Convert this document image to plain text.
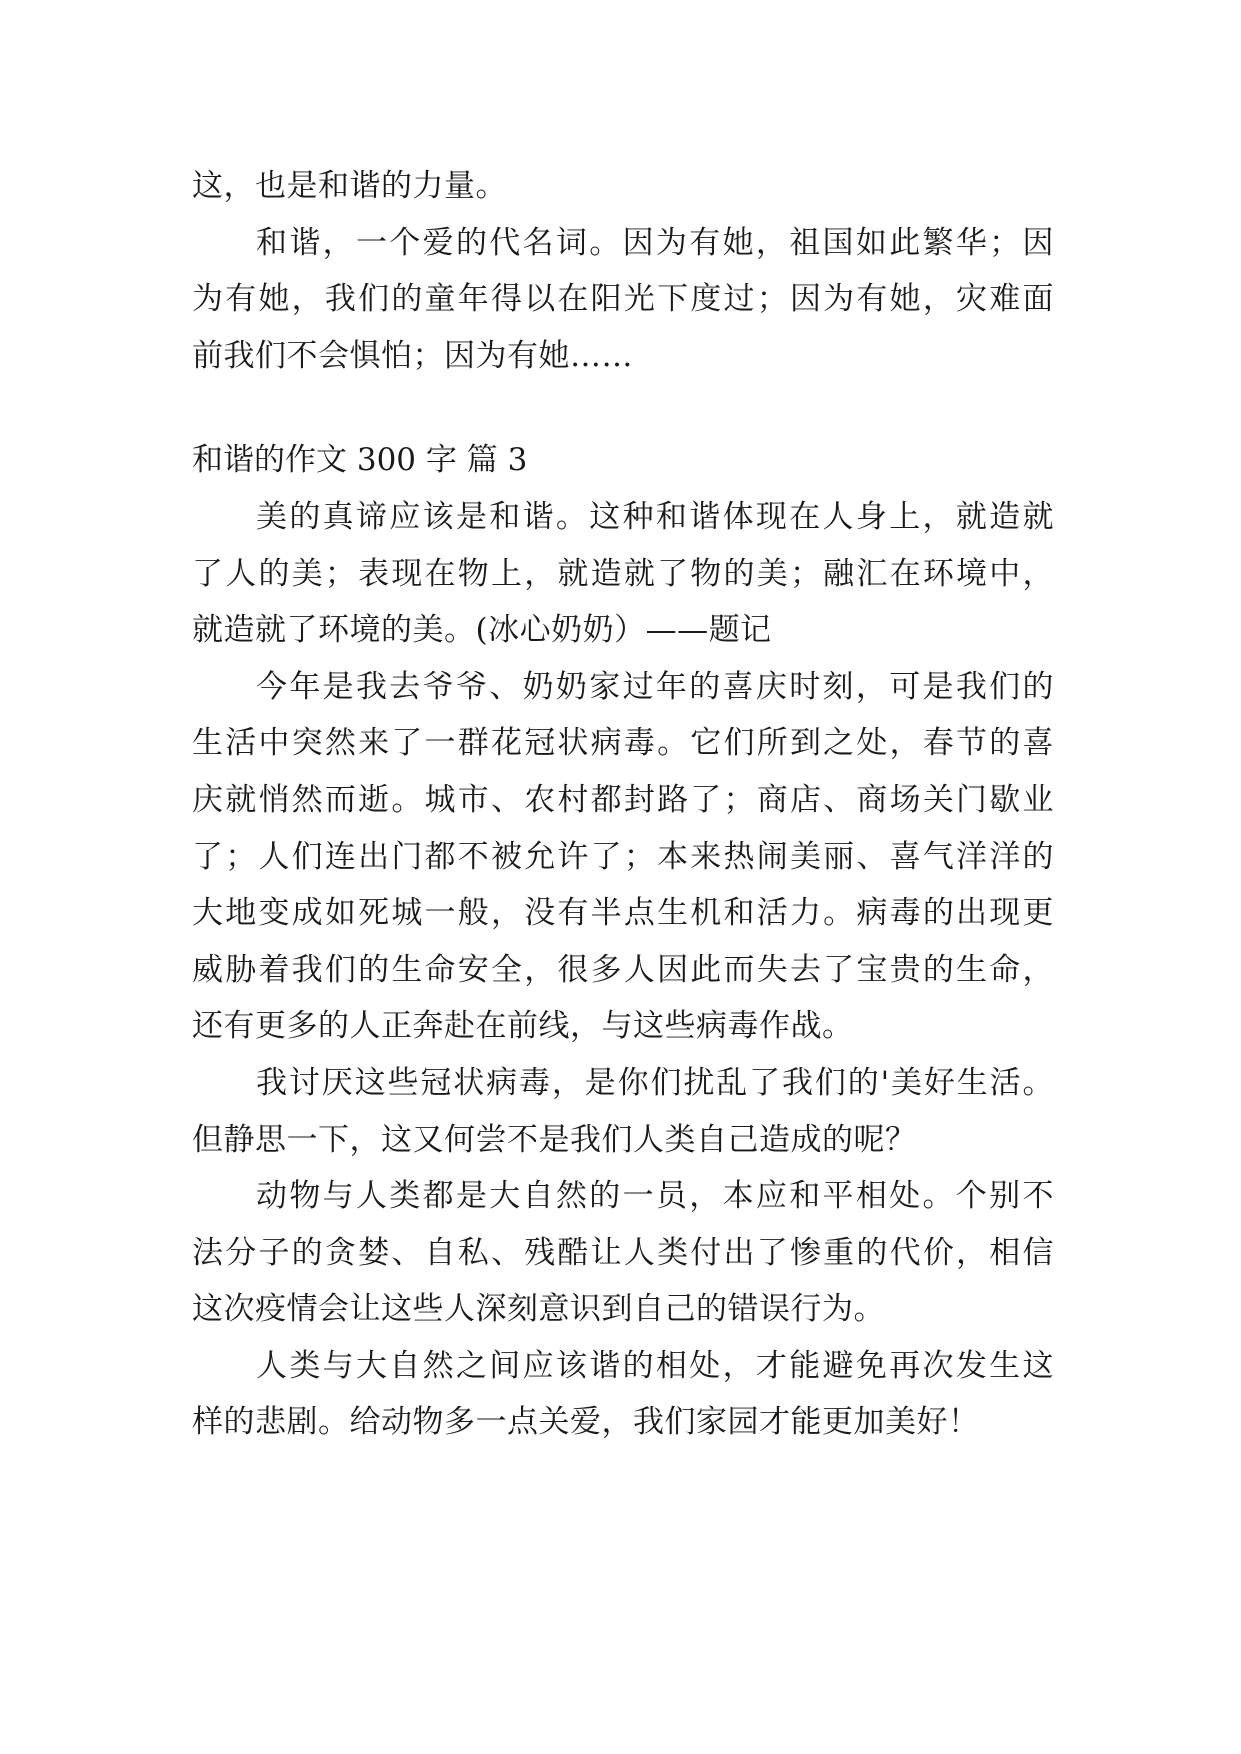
这，也是和谐的力量。
和谐，一个爱的代名词。因为有她，祖国如此繁华；因
为有她，我们的童年得以在阳光下度过；因为有她，灾难面
前我们不会惧怕；因为有她……
和谐的作文 300 字 篇 3
美的真谛应该是和谐。这种和谐体现在人身上，就造就
了人的美；表现在物上，就造就了物的美；融汇在环境中，
就造就了环境的美。(冰心奶奶）——题记
今年是我去爷爷、奶奶家过年的喜庆时刻，可是我们的
生活中突然来了一群花冠状病毒。它们所到之处，春节的喜
庆就悄然而逝。城市、农村都封路了；商店、商场关门歇业
了；人们连出门都不被允许了；本来热闹美丽、喜气洋洋的
大地变成如死城一般，没有半点生机和活力。病毒的出现更
威胁着我们的生命安全，很多人因此而失去了宝贵的生命，
还有更多的人正奔赴在前线，与这些病毒作战。
我讨厌这些冠状病毒，是你们扰乱了我们的'美好生活。
但静思一下，这又何尝不是我们人类自己造成的呢？
动物与人类都是大自然的一员，本应和平相处。个别不
法分子的贪婪、自私、残酷让人类付出了惨重的代价，相信
这次疫情会让这些人深刻意识到自己的错误行为。
人类与大自然之间应该谐的相处，才能避免再次发生这
样的悲剧。给动物多一点关爱，我们家园才能更加美好！
